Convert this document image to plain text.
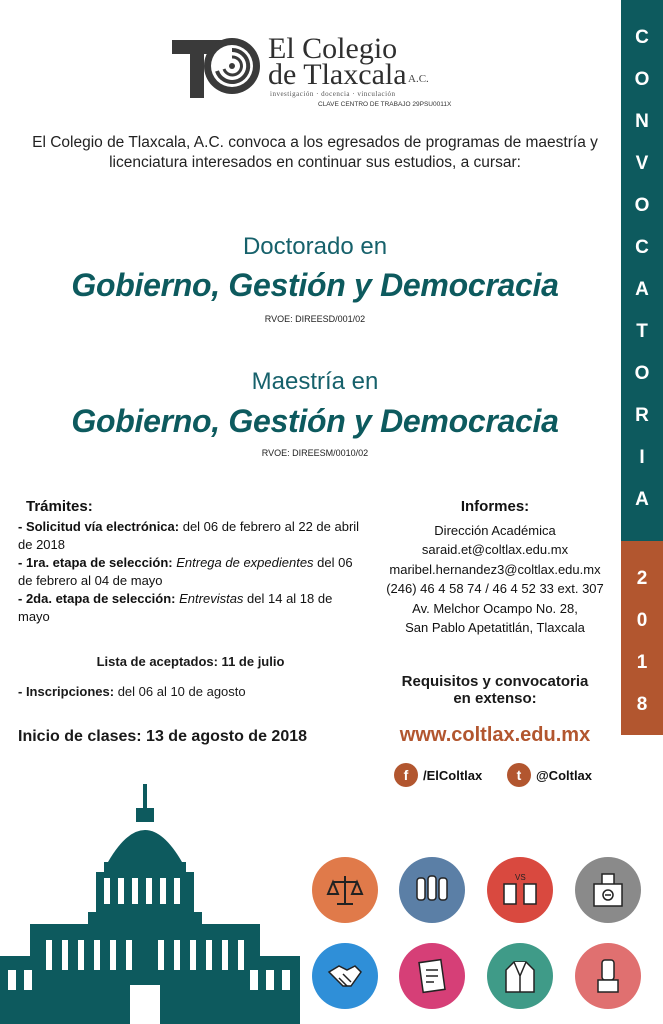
C
O
N
V
O
C
A
T
O
R
I
A
2
0
1
8
El Colegio
de Tlaxcala A.C.
investigación · docencia · vinculación
CLAVE CENTRO DE TRABAJO 29PSU0011X
El Colegio de Tlaxcala, A.C. convoca a los egresados de programas de maestría y licenciatura interesados en continuar sus estudios, a cursar:
Doctorado en
Gobierno, Gestión y Democracia
RVOE: DIREESD/001/02
Maestría en
Gobierno, Gestión y Democracia
RVOE: DIREESM/0010/02
Trámites:

- Solicitud vía electrónica: del 06 de febrero al 22 de abril de 2018

- 1ra. etapa de selección: Entrega de expedientes del 06 de febrero al 04 de mayo

- 2da. etapa de selección: Entrevistas del 14 al 18 de mayo

Lista de aceptados: 11 de julio
- Inscripciones: del 06 al 10 de agosto
Inicio de clases: 13 de agosto de 2018
Informes:
Dirección Académica
saraid.et@coltlax.edu.mx
maribel.hernandez3@coltlax.edu.mx
(246) 46 4 58 74 / 46 4 52 33 ext. 307
Av. Melchor Ocampo No. 28,
San Pablo Apetatitlán, Tlaxcala
Requisitos y convocatoria
en extenso:
www.coltlax.edu.mx
f	/ElColtlax	t	@Coltlax
VS
